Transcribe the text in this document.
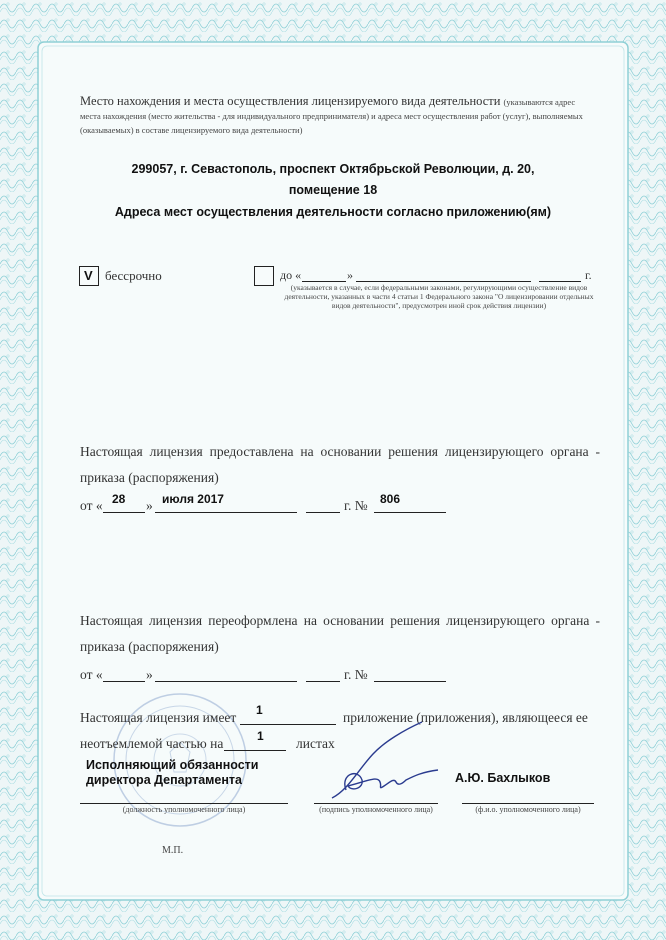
Место нахождения и места осуществления лицензируемого вида деятельности (указываются адрес места нахождения (место жительства - для индивидуального предпринимателя) и адреса мест осуществления работ (услуг), выполняемых (оказываемых) в составе лицензируемого вида деятельности)
299057, г. Севастополь, проспект Октябрьской Революции, д. 20,
помещение 18
Адреса мест осуществления деятельности согласно приложению(ям)
V бессрочно	до «	»	г.
(указывается в случае, если федеральными законами, регулирующими осуществление видов деятельности, указанных в части 4 статьи 1 Федерального закона "О лицензировании отдельных видов деятельности", предусмотрен иной срок действия лицензии)
Настоящая лицензия предоставлена на основании решения лицензирующего органа -
приказа (распоряжения)
от « 28 » июля 2017	г. № 806
Настоящая лицензия переоформлена на основании решения лицензирующего органа -
приказа (распоряжения)
от «	»	г. №
Настоящая лицензия имеет 1	приложение (приложения), являющееся ее
неотъемлемой частью на	1 листах
Исполняющий обязанности
директора Департамента
(должность уполномоченного лица)	(подпись уполномоченного лица)
А.Ю. Бахлыков
(ф.и.о. уполномоченного лица)
М.П.
